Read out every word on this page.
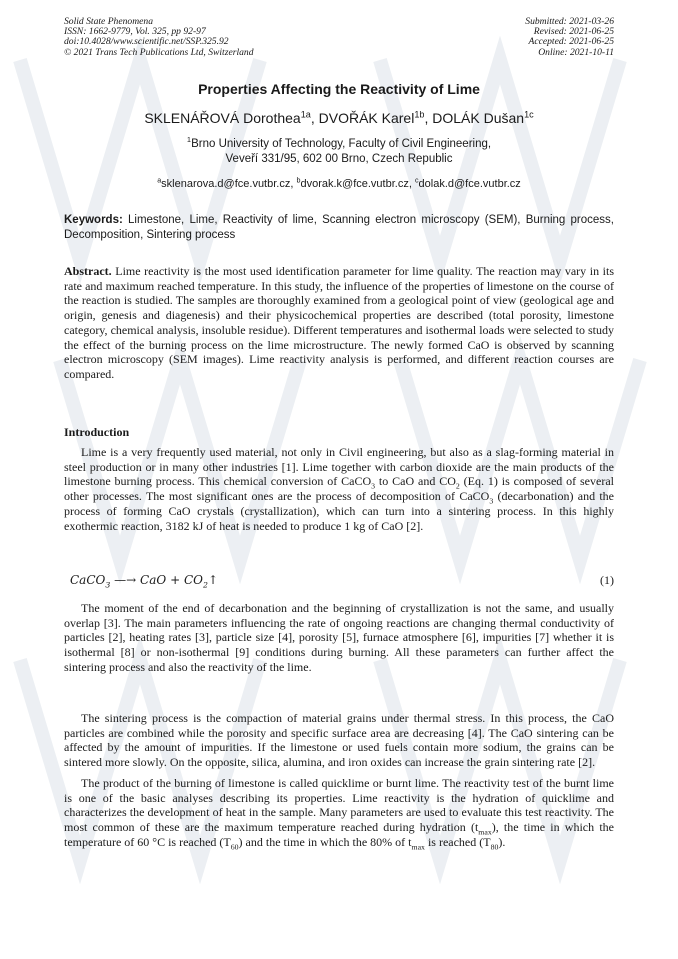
Solid State Phenomena
ISSN: 1662-9779, Vol. 325, pp 92-97
doi:10.4028/www.scientific.net/SSP.325.92
© 2021 Trans Tech Publications Ltd, Switzerland
Submitted: 2021-03-26
Revised: 2021-06-25
Accepted: 2021-06-25
Online: 2021-10-11
Properties Affecting the Reactivity of Lime
SKLENÁŘOVÁ Dorothea$^{1a}$, DVOŘÁK Karel$^{1b}$, DOLÁK Dušan$^{1c}$
$^1$Brno University of Technology, Faculty of Civil Engineering,
Veveří 331/95, 602 00 Brno, Czech Republic
$^a$sklenarova.d@fce.vutbr.cz, $^b$dvorak.k@fce.vutbr.cz, $^c$dolak.d@fce.vutbr.cz
Keywords: Limestone, Lime, Reactivity of lime, Scanning electron microscopy (SEM), Burning process, Decomposition, Sintering process

Abstract. Lime reactivity is the most used identification parameter for lime quality. The reaction may vary in its rate and maximum reached temperature. In this study, the influence of the properties of limestone on the course of the reaction is studied. The samples are thoroughly examined from a geological point of view (geological age and origin, genesis and diagenesis) and their physicochemical properties are described (total porosity, limestone category, chemical analysis, insoluble residue). Different temperatures and isothermal loads were selected to study the effect of the burning process on the lime microstructure. The newly formed CaO is observed by scanning electron microscopy (SEM images). Lime reactivity analysis is performed, and different reaction courses are compared.

Introduction

Lime is a very frequently used material, not only in Civil engineering, but also as a slag-forming material in steel production or in many other industries [1]. Lime together with carbon dioxide are the main products of the limestone burning process. This chemical conversion of CaCO$_3$ to CaO and $CO_2$ (Eq. 1) is composed of several other processes. The most significant ones are the process of decomposition of CaCO$_3$ (decarbonation) and the process of forming CaO crystals (crystallization), which can turn into a sintering process. In this highly exothermic reaction, 3182 kJ of heat is needed to produce 1 kg of CaO [2].

CaCO$_3$ —→ CaO + $CO_2↑$	(1)

The moment of the end of decarbonation and the beginning of crystallization is not the same, and usually overlap [3]. The main parameters influencing the rate of ongoing reactions are changing thermal conductivity of particles [2], heating rates [3], particle size [4], porosity [5], furnace atmosphere [6], impurities [7] whether it is isothermal [8] or non-isothermal [9] conditions during burning. All these parameters can further affect the sintering process and also the reactivity of the lime.

The sintering process is the compaction of material grains under thermal stress. In this process, the CaO particles are combined while the porosity and specific surface area are decreasing [4]. The CaO sintering can be affected by the amount of impurities. If the limestone or used fuels contain more sodium, the grains can be sintered more slowly. On the opposite, silica, alumina, and iron oxides can increase the grain sintering rate [2].

The product of the burning of limestone is called quicklime or burnt lime. The reactivity test of the burnt lime is one of the basic analyses describing its properties. Lime reactivity is the hydration of quicklime and characterizes the development of heat in the sample. Many parameters are used to evaluate this test reactivity. The most common of these are the maximum temperature reached during hydration $(t_{max})$, the time in which the temperature of 60 °C is reached $(T_{60})$ and the time in which the 80% of $t_{max}$ is reached $(T_{80})$.
